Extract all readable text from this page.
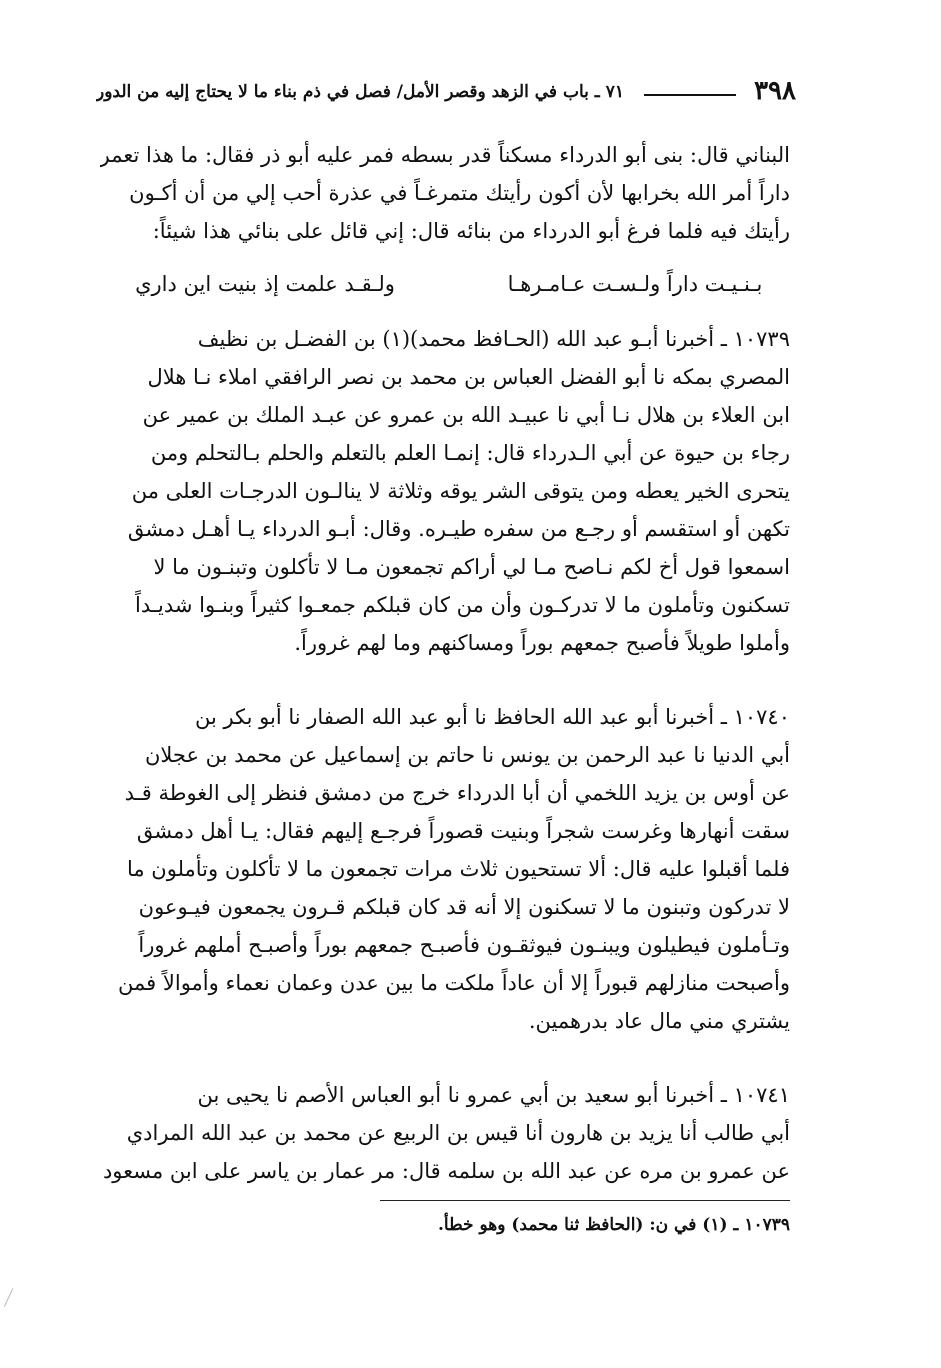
٣٩٨
٧١ ـ باب في الزهد وقصر الأمل/ فصل في ذم بناء ما لا يحتاج إليه من الدور
البناني قال: بنى أبو الدرداء مسكناً قدر بسطه فمر عليه أبو ذر فقال: ما هذا تعمر
داراً أمر الله بخرابها لأن أكون رأيتك متمرغـاً في عذرة أحب إلي من أن أكـون
رأيتك فيه فلما فرغ أبو الدرداء من بنائه قال: إني قائل على بنائي هذا شيئاً:
بـنـيـت داراً ولـسـت عـامـرهـا
ولـقـد علمت إذ بنيت اين داري
١٠٧٣٩ ـ أخبرنا أبـو عبد الله (الحـافظ محمد)(١) بن الفضـل بن نظيف
المصري بمكه نا أبو الفضل العباس بن محمد بن نصر الرافقي املاء نـا هلال
ابن العلاء بن هلال نـا أبي نا عبيـد الله بن عمرو عن عبـد الملك بن عمير عن
رجاء بن حيوة عن أبي الـدرداء قال: إنمـا العلم بالتعلم والحلم بـالتحلم ومن
يتحرى الخير يعطه ومن يتوقى الشر يوقه وثلاثة لا ينالـون الدرجـات العلى من
تكهن أو استقسم أو رجـع من سفره طيـره. وقال: أبـو الدرداء يـا أهـل دمشق
اسمعوا قول أخ لكم نـاصح مـا لي أراكم تجمعون مـا لا تأكلون وتبنـون ما لا
تسكنون وتأملون ما لا تدركـون وأن من كان قبلكم جمعـوا كثيراً وبنـوا شديـداً
وأملوا طويلاً فأصبح جمعهم بوراً ومساكنهم وما لهم غروراً.
١٠٧٤٠ ـ أخبرنا أبو عبد الله الحافظ نا أبو عبد الله الصفار نا أبو بكر بن
أبي الدنيا نا عبد الرحمن بن يونس نا حاتم بن إسماعيل عن محمد بن عجلان
عن أوس بن يزيد اللخمي أن أبا الدرداء خرج من دمشق فنظر إلى الغوطة قـد
سقت أنهارها وغرست شجراً وبنيت قصوراً فرجـع إليهم فقال: يـا أهل دمشق
فلما أقبلوا عليه قال: ألا تستحيون ثلاث مرات تجمعون ما لا تأكلون وتأملون ما
لا تدركون وتبنون ما لا تسكنون إلا أنه قد كان قبلكم قـرون يجمعون فيـوعون
وتـأملون فيطيلون ويبنـون فيوثقـون فأصبـح جمعهم بوراً وأصبـح أملهم غروراً
وأصبحت منازلهم قبوراً إلا أن عاداً ملكت ما بين عدن وعمان نعماء وأموالاً فمن
يشتري مني مال عاد بدرهمين.
١٠٧٤١ ـ أخبرنا أبو سعيد بن أبي عمرو نا أبو العباس الأصم نا يحيى بن
أبي طالب أنا يزيد بن هارون أنا قيس بن الربيع عن محمد بن عبد الله المرادي
عن عمرو بن مره عن عبد الله بن سلمه قال: مر عمار بن ياسر على ابن مسعود
١٠٧٣٩ ـ (١) في ن: (الحافظ ثنا محمد) وهو خطأ.
